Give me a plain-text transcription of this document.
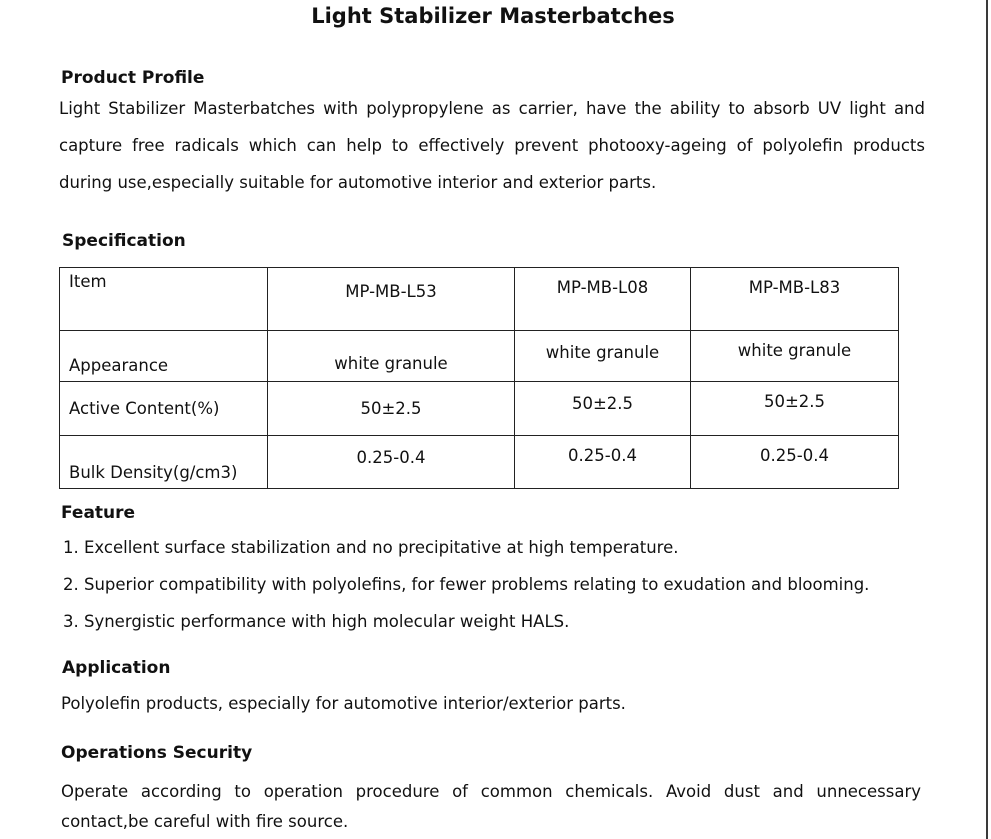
Light Stabilizer Masterbatches
Product Profile

Light Stabilizer Masterbatches with polypropylene as carrier, have the ability to absorb UV light and capture free radicals which can help to effectively prevent photooxy-ageing of polyolefin products during use,especially suitable for automotive interior and exterior parts.

Specification
Item	MP-MB-L53	MP-MB-L08	MP-MB-L83
Appearance	white granule	white granule	white granule
Active Content(%)	50±2.5	50±2.5	50±2.5
Bulk Density(g/cm3)	0.25-0.4	0.25-0.4	0.25-0.4
Feature
1. Excellent surface stabilization and no precipitative at high temperature.
2. Superior compatibility with polyolefins, for fewer problems relating to exudation and blooming.
3. Synergistic performance with high molecular weight HALS.
Application
Polyolefin products, especially for automotive interior/exterior parts.
Operations Security

Operate according to operation procedure of common chemicals. Avoid dust and unnecessary contact,be careful with fire source.
